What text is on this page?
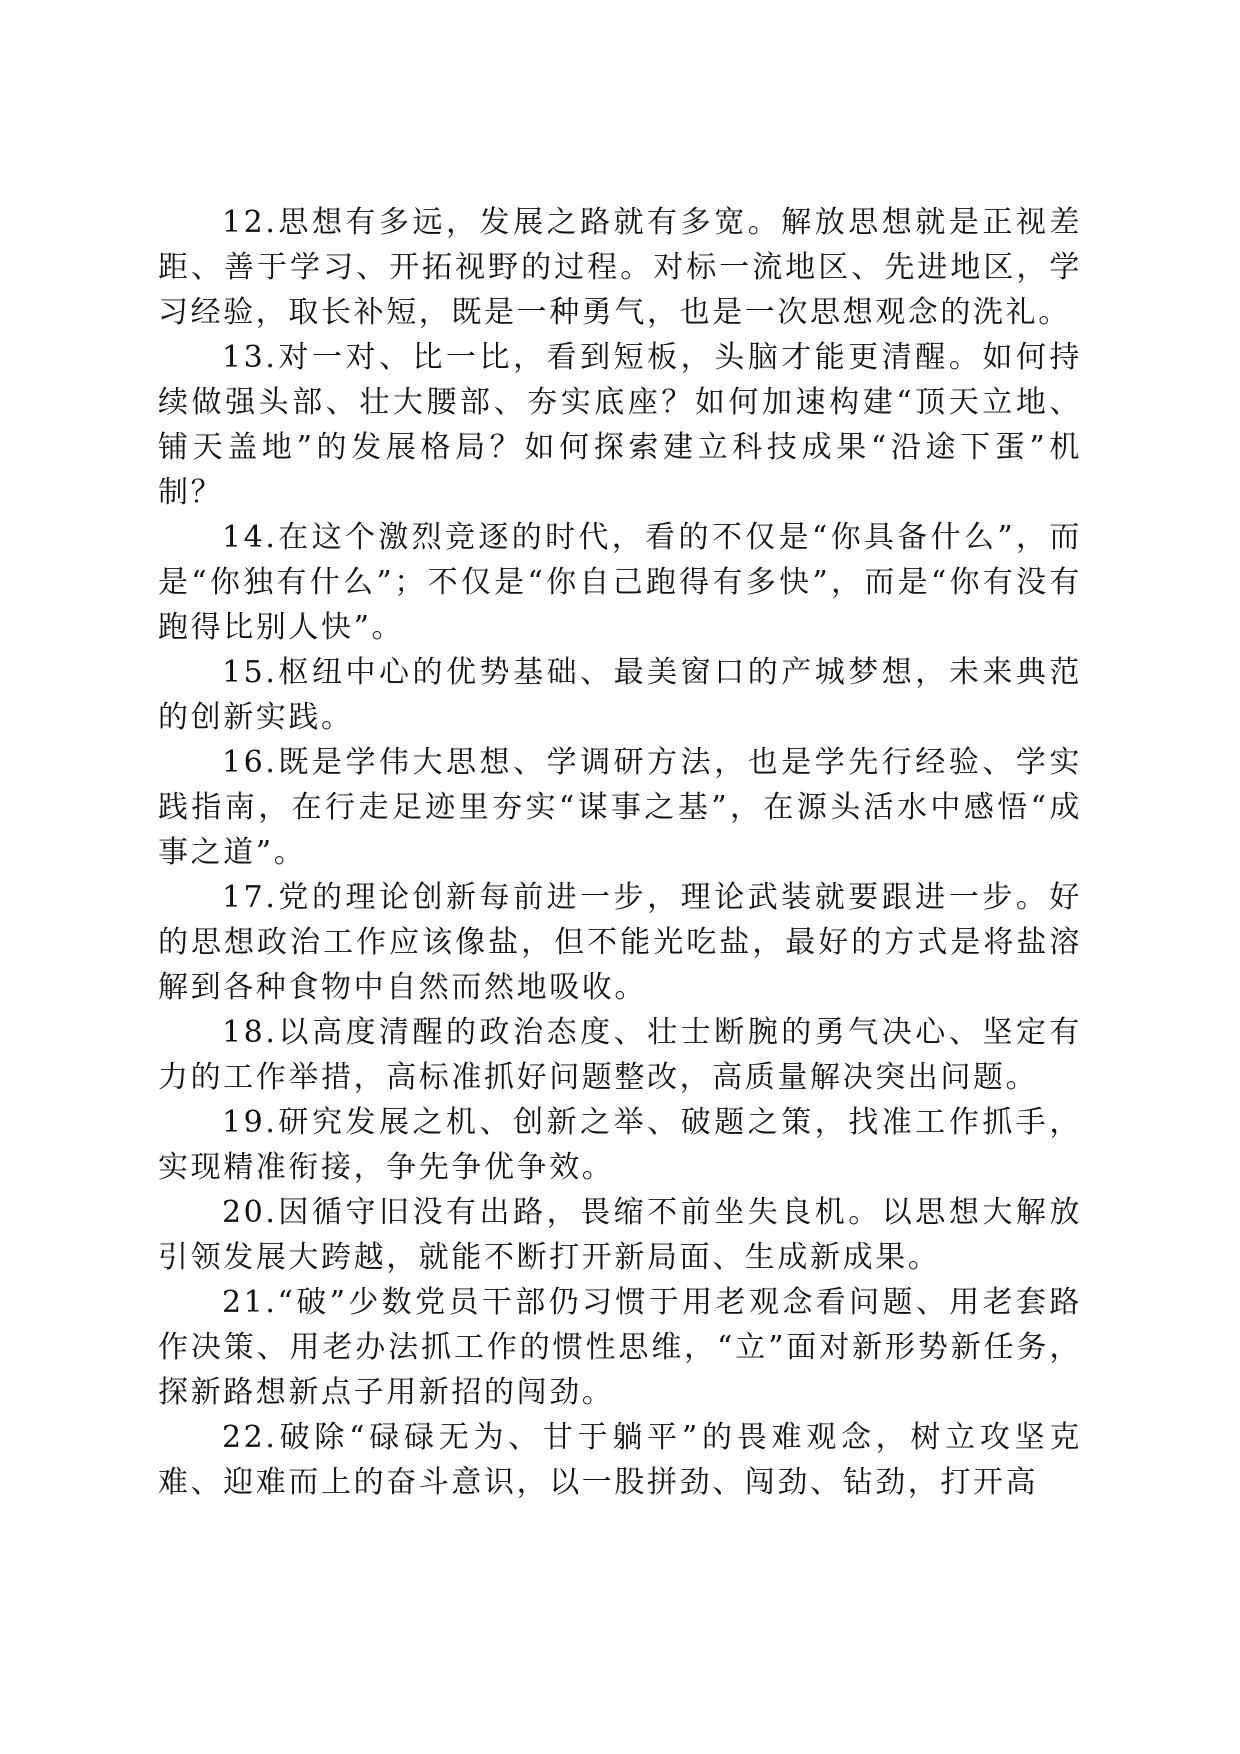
12.思想有多远，发展之路就有多宽。解放思想就是正视差距、善于学习、开拓视野的过程。对标一流地区、先进地区，学习经验，取长补短，既是一种勇气，也是一次思想观念的洗礼。

13.对一对、比一比，看到短板，头脑才能更清醒。如何持续做强头部、壮大腰部、夯实底座？如何加速构建“顶天立地、铺天盖地”的发展格局？如何探索建立科技成果“沿途下蛋”机制？

14.在这个激烈竞逐的时代，看的不仅是“你具备什么”，而是“你独有什么”；不仅是“你自己跑得有多快”，而是“你有没有跑得比别人快”。

15.枢纽中心的优势基础、最美窗口的产城梦想，未来典范的创新实践。

16.既是学伟大思想、学调研方法，也是学先行经验、学实践指南，在行走足迹里夯实“谋事之基”，在源头活水中感悟“成事之道”。

17.党的理论创新每前进一步，理论武装就要跟进一步。好的思想政治工作应该像盐，但不能光吃盐，最好的方式是将盐溶解到各种食物中自然而然地吸收。

18.以高度清醒的政治态度、壮士断腕的勇气决心、坚定有力的工作举措，高标准抓好问题整改，高质量解决突出问题。

19.研究发展之机、创新之举、破题之策，找准工作抓手，实现精准衔接，争先争优争效。

20.因循守旧没有出路，畏缩不前坐失良机。以思想大解放引领发展大跨越，就能不断打开新局面、生成新成果。

21.“破”少数党员干部仍习惯于用老观念看问题、用老套路作决策、用老办法抓工作的惯性思维，“立”面对新形势新任务，探新路想新点子用新招的闯劲。

22.破除“碌碌无为、甘于躺平”的畏难观念，树立攻坚克难、迎难而上的奋斗意识，以一股拼劲、闯劲、钻劲，打开高
